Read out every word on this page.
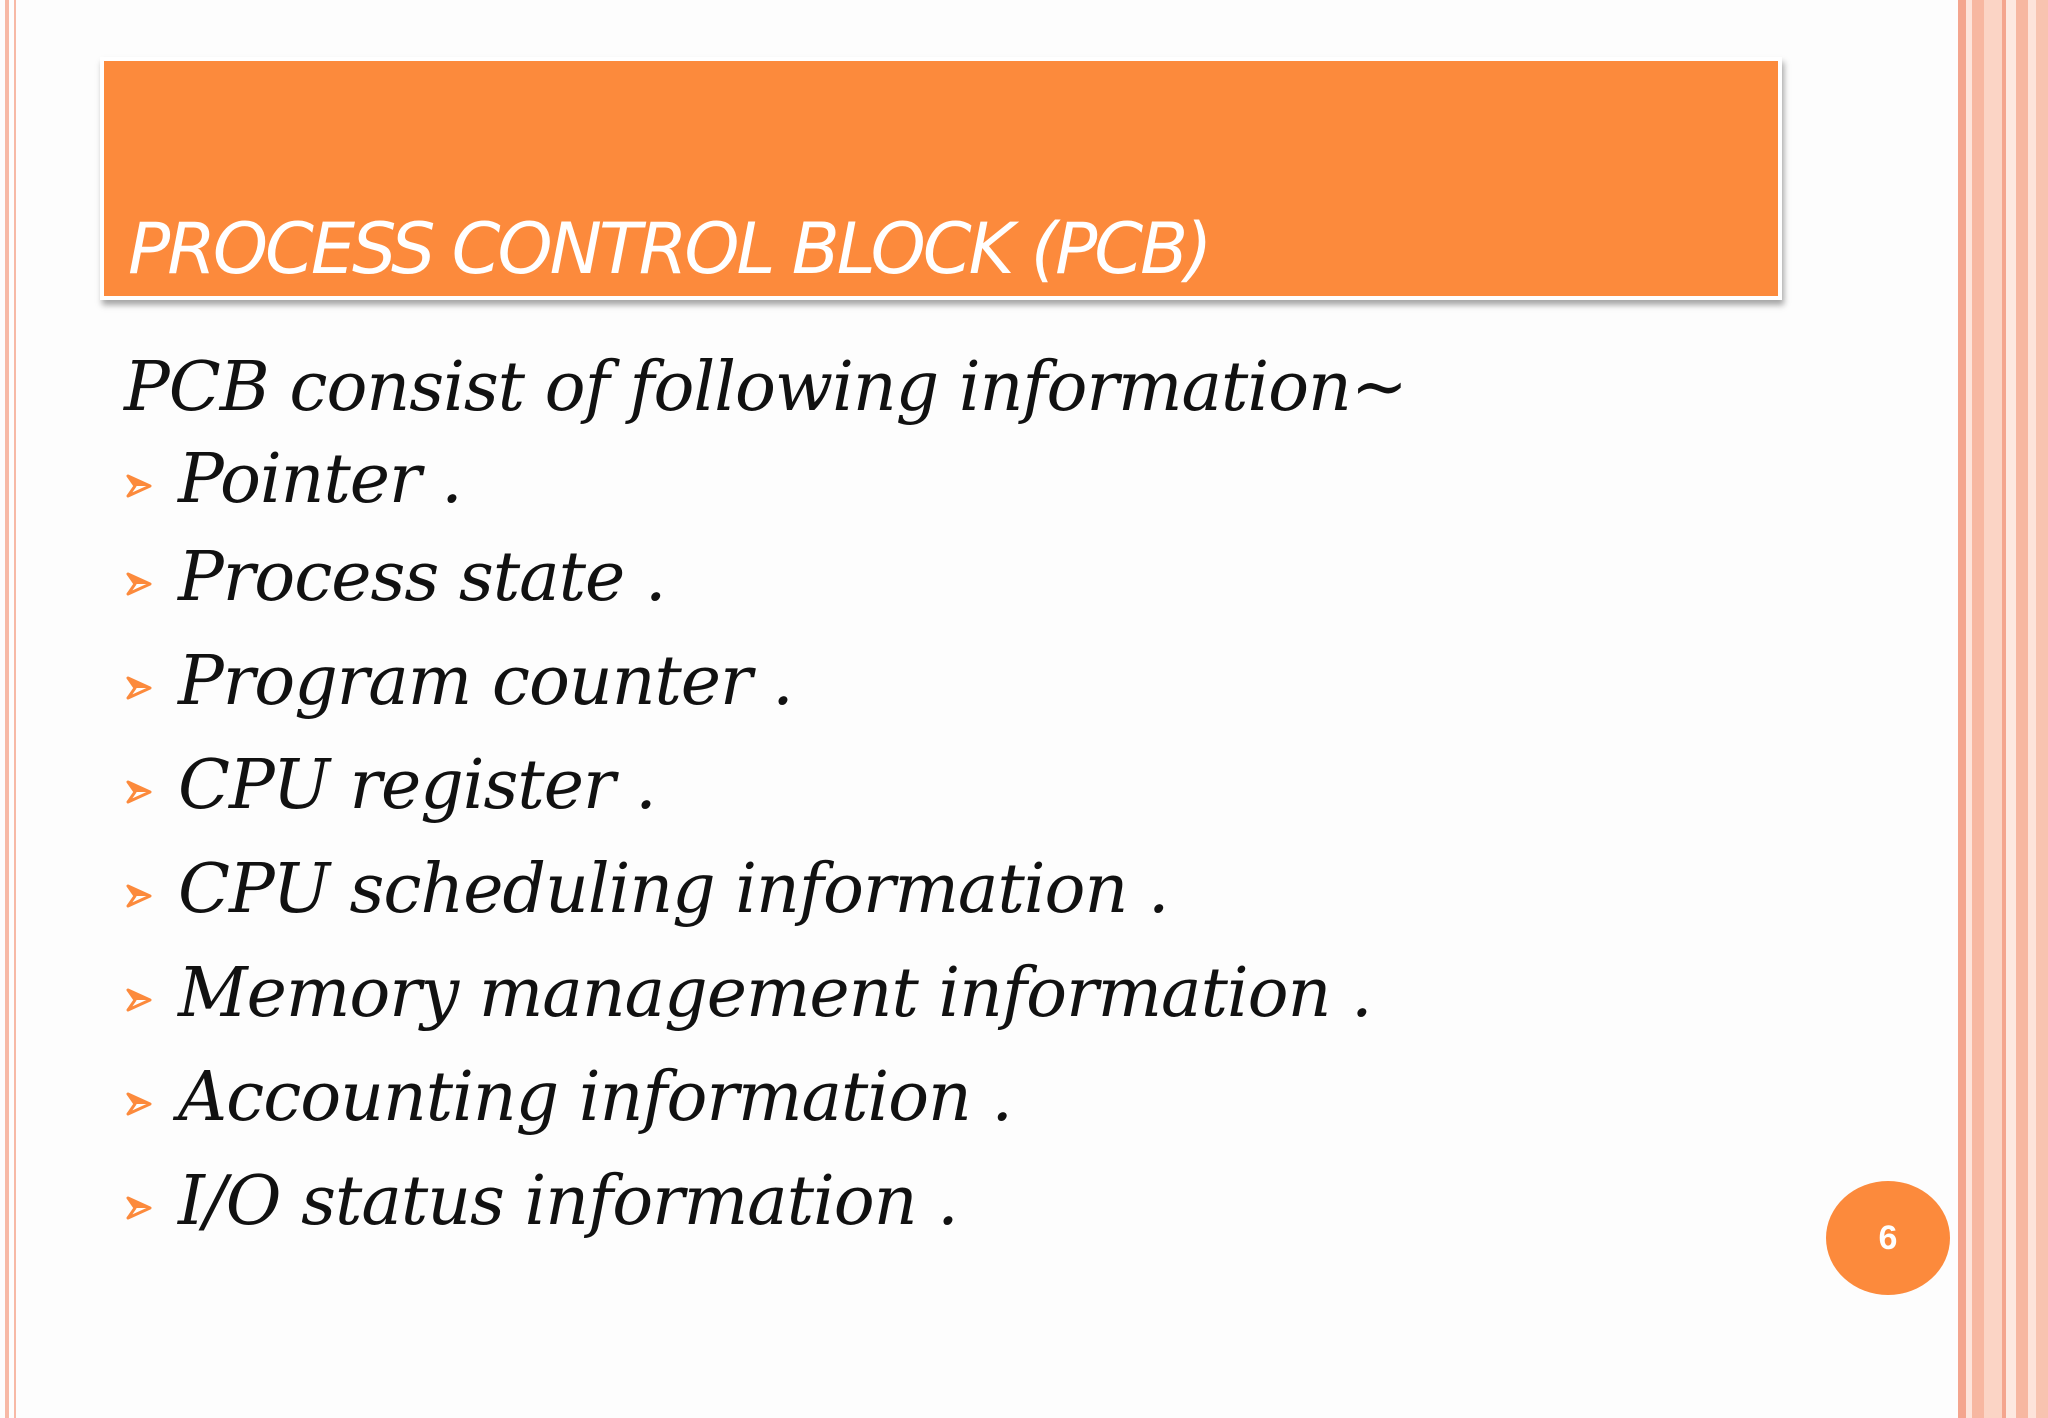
PROCESS CONTROL BLOCK (PCB)
PCB consist of following information~
Pointer .
Process state .
Program counter .
CPU register .
CPU scheduling information .
Memory management information .
Accounting information .
I/O status information .	6
